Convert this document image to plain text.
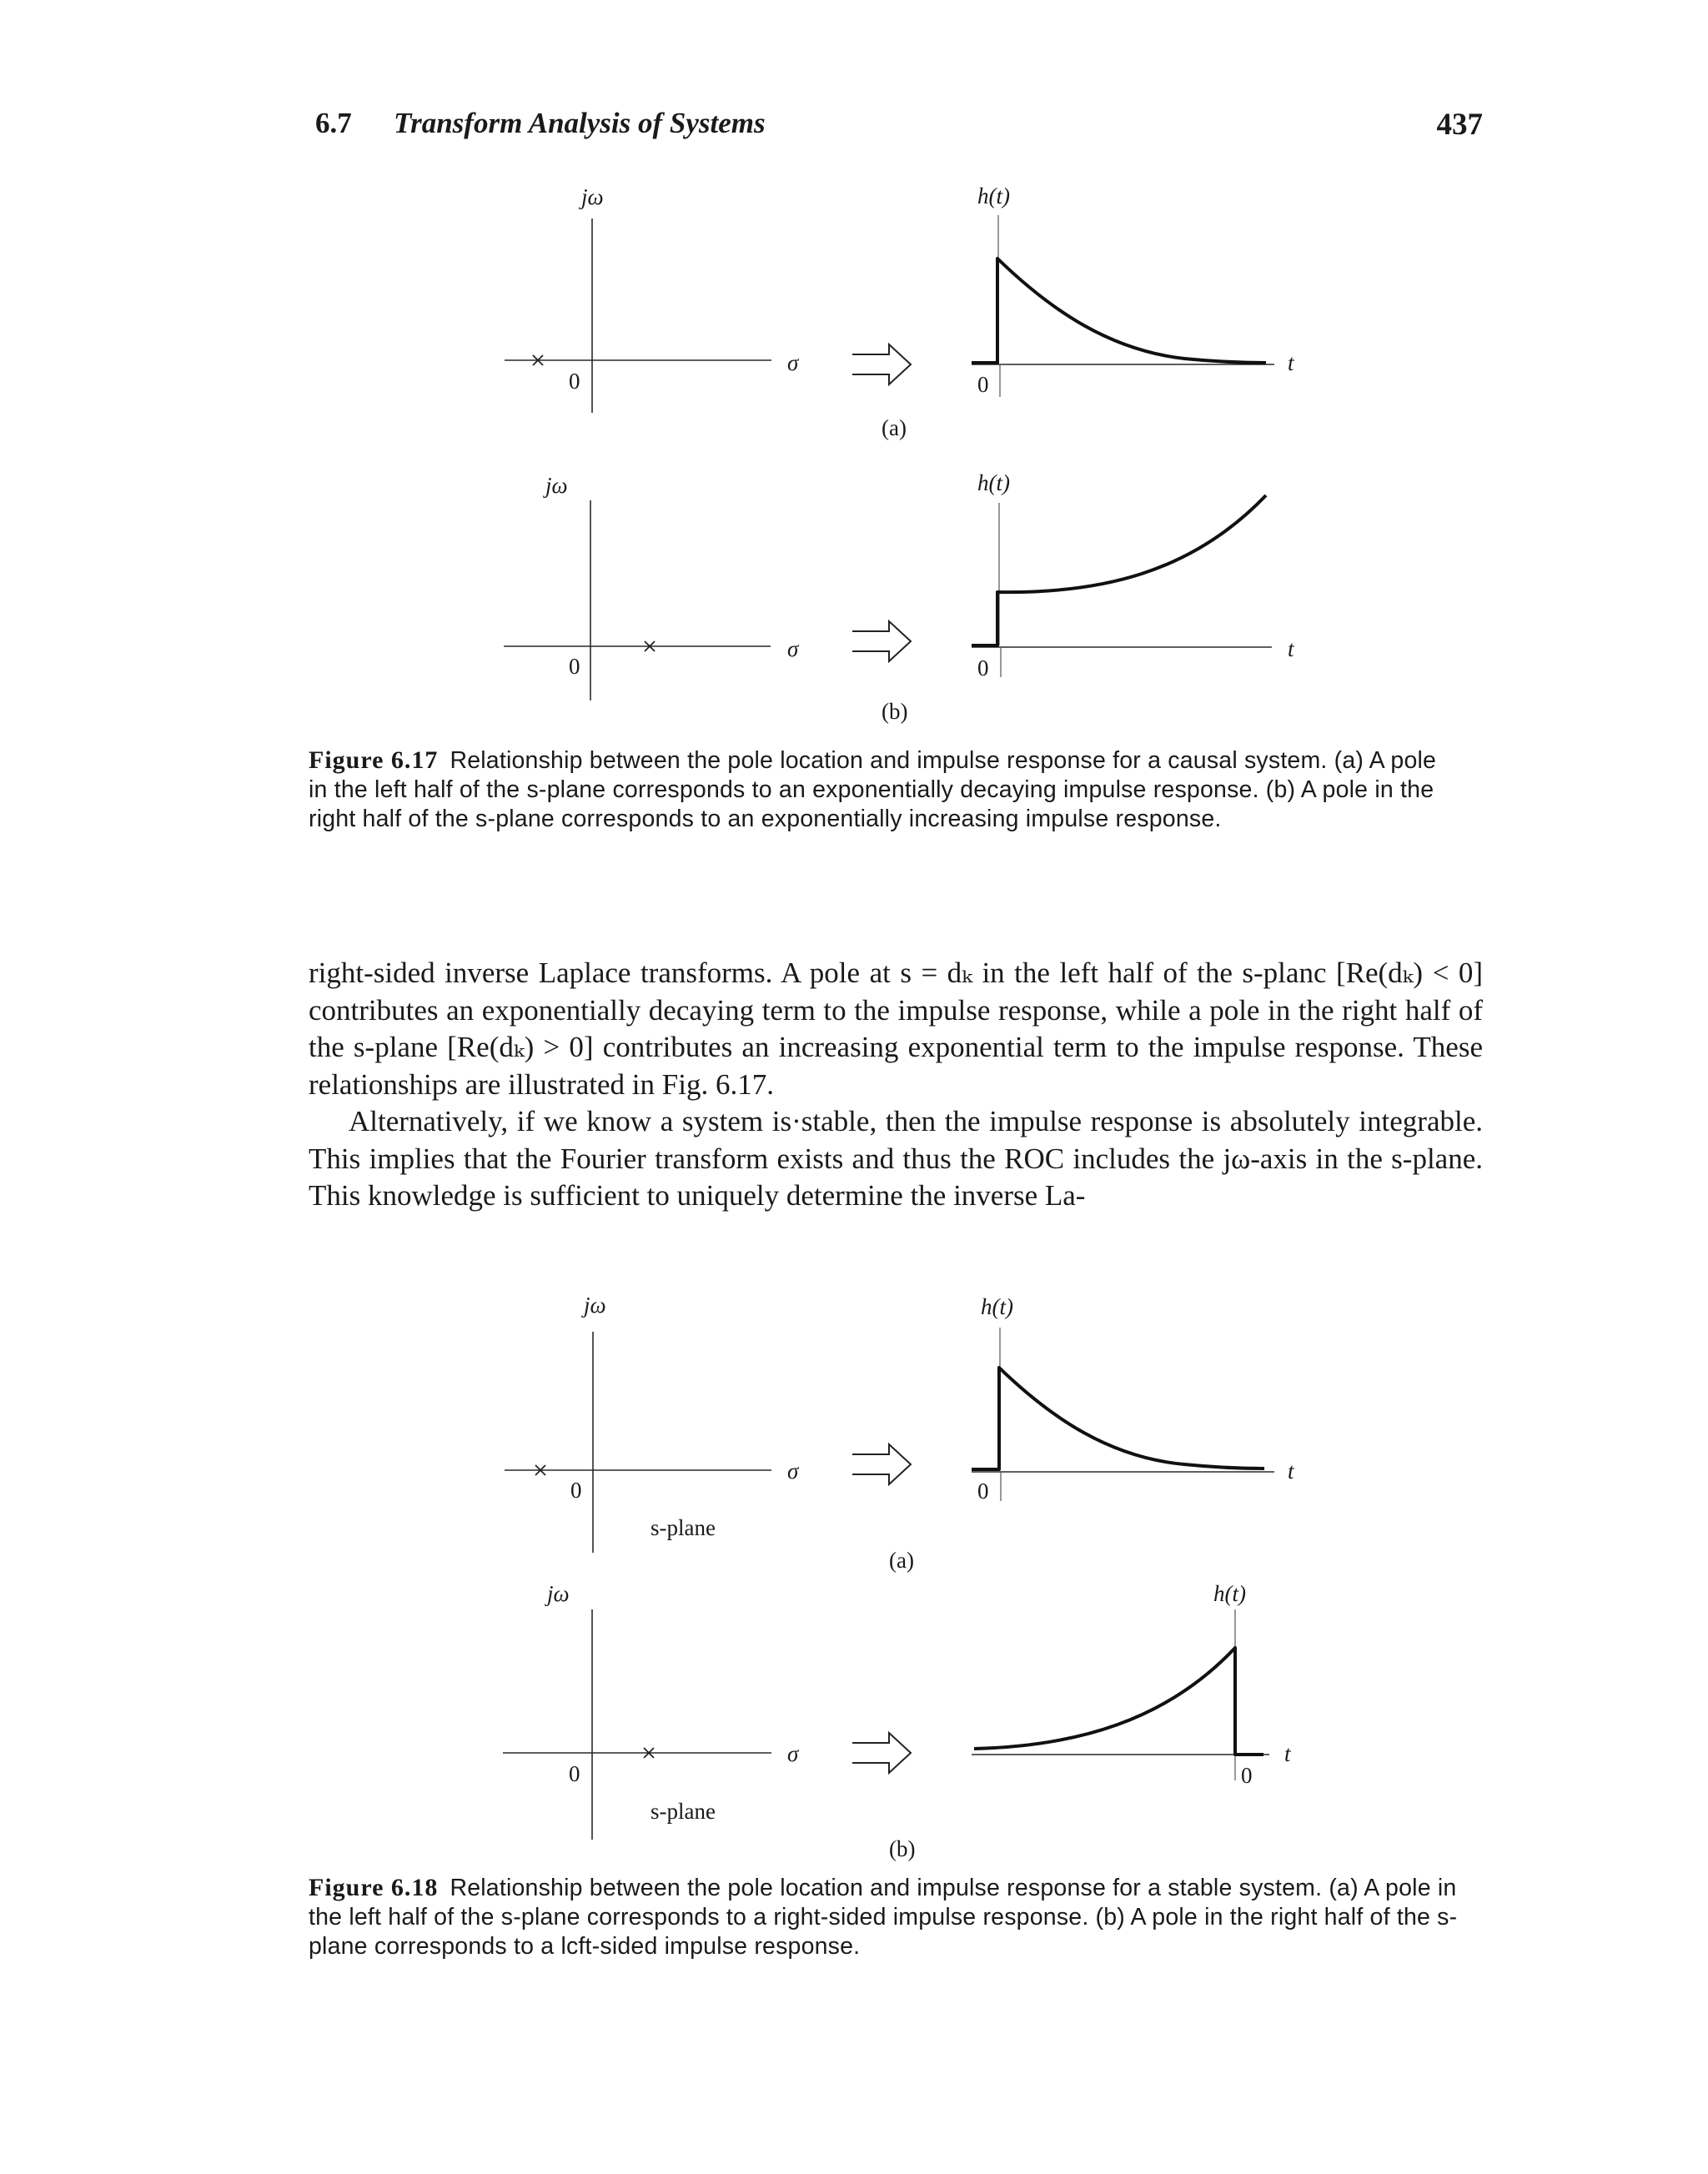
6.7 Transform Analysis of Systems	437
jω
σ
0
h(t)
t
0
(a)
jω
σ
0
h(t)
t
0
(b)
Figure 6.17 Relationship between the pole location and impulse response for a causal system. (a) A pole in the left half of the s-plane corresponds to an exponentially decaying impulse response. (b) A pole in the right half of the s-plane corresponds to an exponentially increasing impulse response.

right-sided inverse Laplace transforms. A pole at s = dₖ in the left half of the s-planc [Re(dₖ) < 0] contributes an exponentially decaying term to the impulse response, while a pole in the right half of the s-plane [Re(dₖ) > 0] contributes an increasing exponential term to the impulse response. These relationships are illustrated in Fig. 6.17.

Alternatively, if we know a system is·stable, then the impulse response is absolutely integrable. This implies that the Fourier transform exists and thus the ROC includes the jω-axis in the s-plane. This knowledge is sufficient to uniquely determine the inverse La-

jω
σ
0
s-plane
h(t)
t
0
(a)
jω
σ
0
s-plane
h(t)
t
0
(b)
Figure 6.18 Relationship between the pole location and impulse response for a stable system. (a) A pole in the left half of the s-plane corresponds to a right-sided impulse response. (b) A pole in the right half of the s-plane corresponds to a lcft-sided impulse response.
